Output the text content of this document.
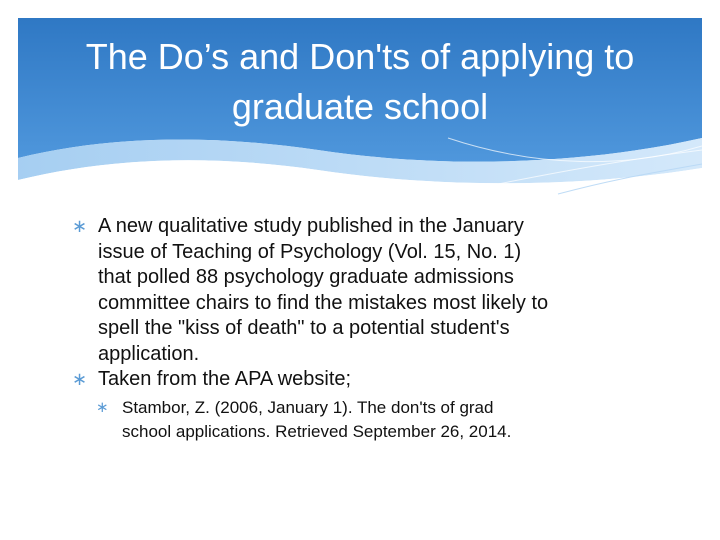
The Do’s and Don'ts of applying to
graduate school

∗ A new qualitative study published in the January
issue of Teaching of Psychology (Vol. 15, No. 1)
that polled 88 psychology graduate admissions
committee chairs to find the mistakes most likely to
spell the "kiss of death" to a potential student's
application.

∗ Taken from the APA website;

∗ Stambor, Z. (2006, January 1). The don'ts of grad
school applications. Retrieved September 26, 2014.
